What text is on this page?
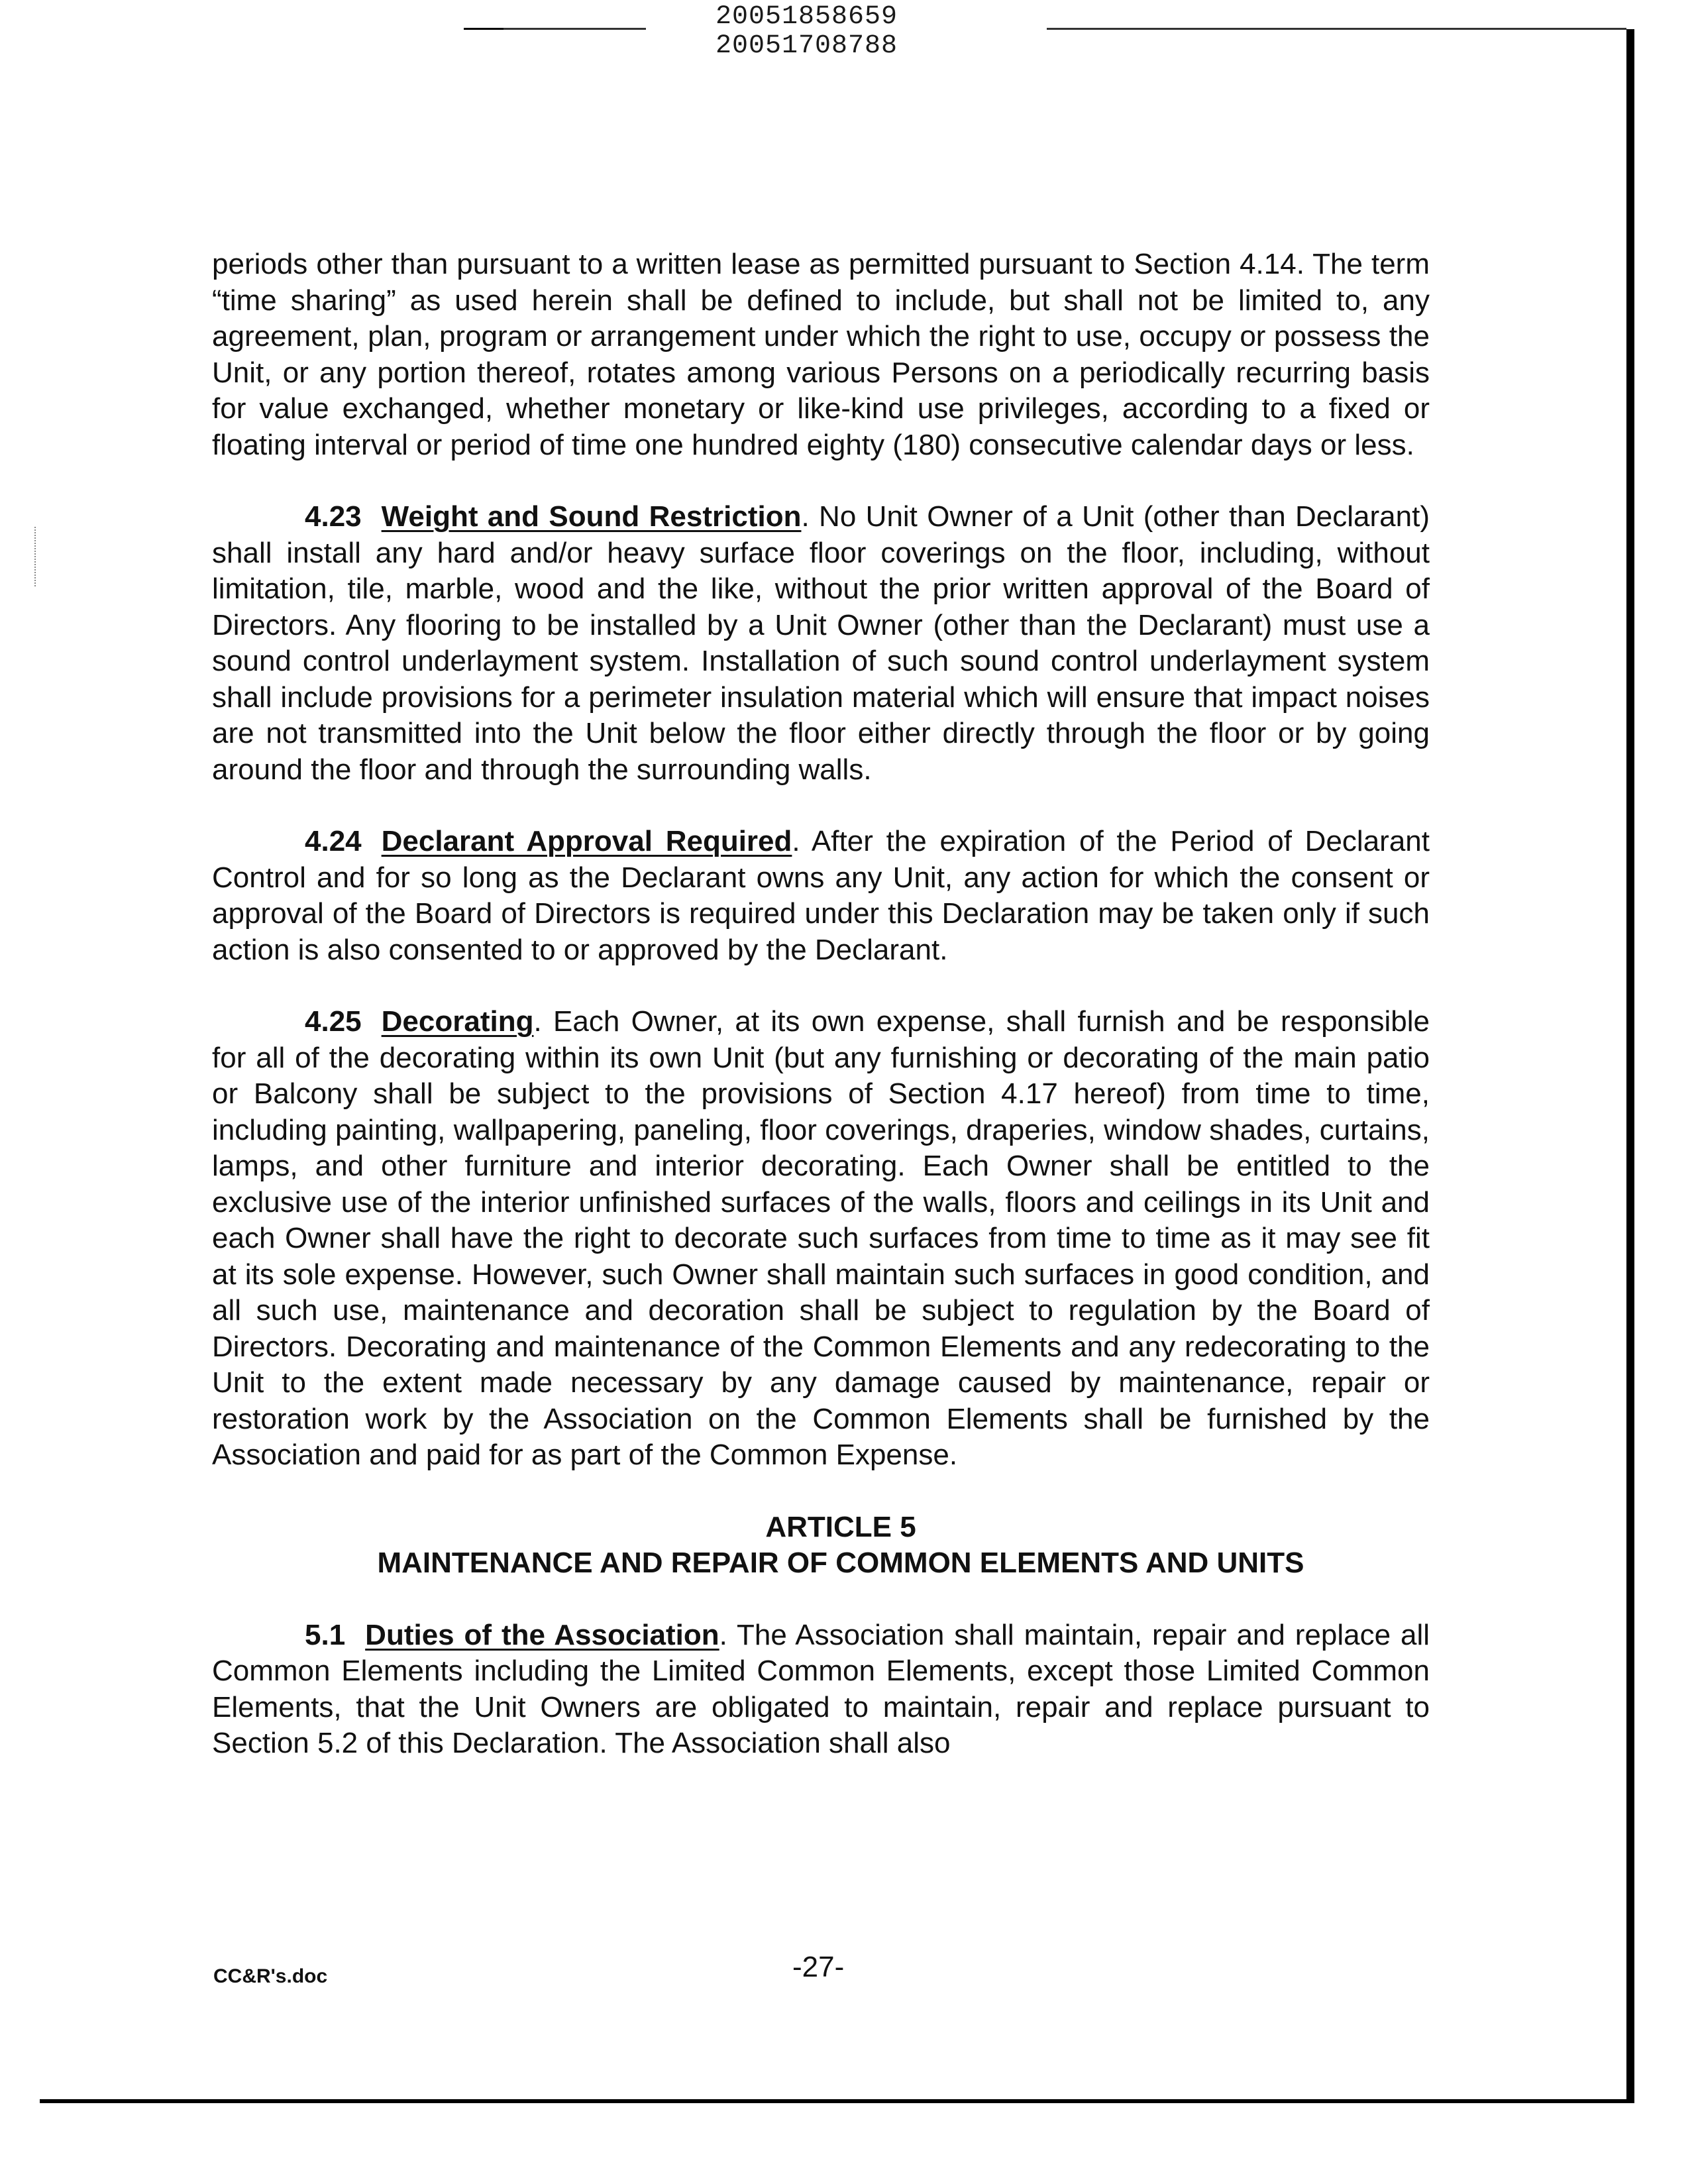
20051858659
20051708788

periods other than pursuant to a written lease as permitted pursuant to Section 4.14. The term “time sharing” as used herein shall be defined to include, but shall not be limited to, any agreement, plan, program or arrangement under which the right to use, occupy or possess the Unit, or any portion thereof, rotates among various Persons on a periodically recurring basis for value exchanged, whether monetary or like-kind use privileges, according to a fixed or floating interval or period of time one hundred eighty (180) consecutive calendar days or less.

4.23 Weight and Sound Restriction. No Unit Owner of a Unit (other than Declarant) shall install any hard and/or heavy surface floor coverings on the floor, including, without limitation, tile, marble, wood and the like, without the prior written approval of the Board of Directors. Any flooring to be installed by a Unit Owner (other than the Declarant) must use a sound control underlayment system. Installation of such sound control underlayment system shall include provisions for a perimeter insulation material which will ensure that impact noises are not transmitted into the Unit below the floor either directly through the floor or by going around the floor and through the surrounding walls.

4.24 Declarant Approval Required. After the expiration of the Period of Declarant Control and for so long as the Declarant owns any Unit, any action for which the consent or approval of the Board of Directors is required under this Declaration may be taken only if such action is also consented to or approved by the Declarant.

4.25 Decorating. Each Owner, at its own expense, shall furnish and be responsible for all of the decorating within its own Unit (but any furnishing or decorating of the main patio or Balcony shall be subject to the provisions of Section 4.17 hereof) from time to time, including painting, wallpapering, paneling, floor coverings, draperies, window shades, curtains, lamps, and other furniture and interior decorating. Each Owner shall be entitled to the exclusive use of the interior unfinished surfaces of the walls, floors and ceilings in its Unit and each Owner shall have the right to decorate such surfaces from time to time as it may see fit at its sole expense. However, such Owner shall maintain such surfaces in good condition, and all such use, maintenance and decoration shall be subject to regulation by the Board of Directors. Decorating and maintenance of the Common Elements and any redecorating to the Unit to the extent made necessary by any damage caused by maintenance, repair or restoration work by the Association on the Common Elements shall be furnished by the Association and paid for as part of the Common Expense.

ARTICLE 5
MAINTENANCE AND REPAIR OF COMMON ELEMENTS AND UNITS

5.1 Duties of the Association. The Association shall maintain, repair and replace all Common Elements including the Limited Common Elements, except those Limited Common Elements, that the Unit Owners are obligated to maintain, repair and replace pursuant to Section 5.2 of this Declaration. The Association shall also

CC&R's.doc	-27-
